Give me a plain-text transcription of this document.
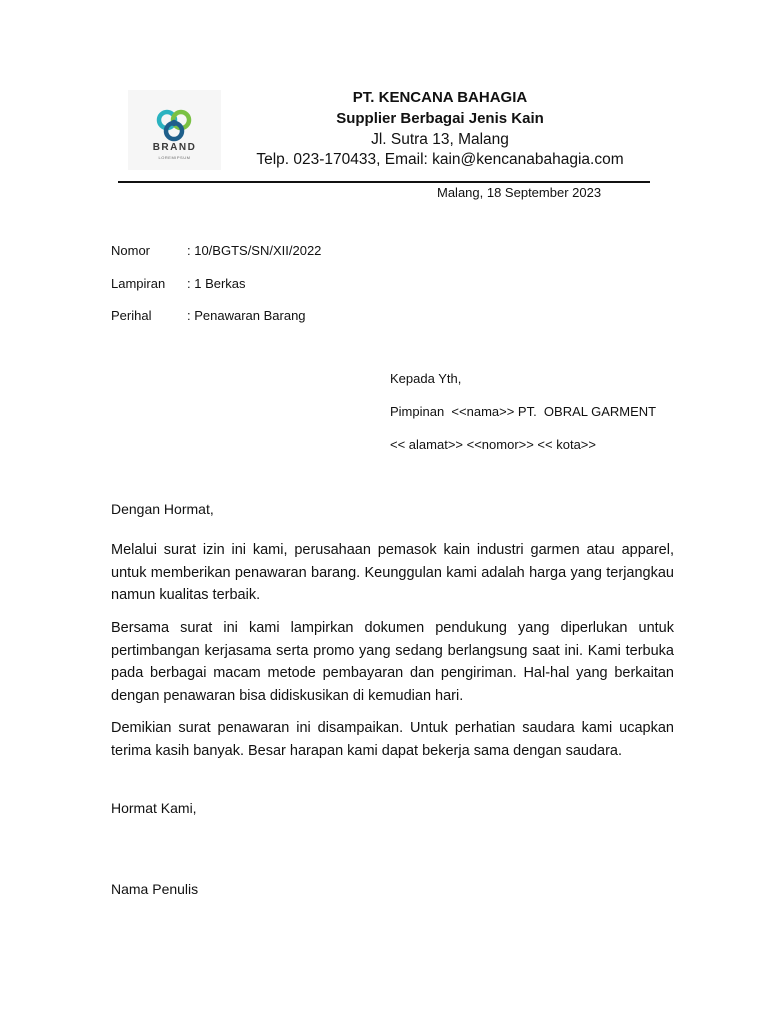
BRAND
LOREMIPSUM
PT. KENCANA BAHAGIA
Supplier Berbagai Jenis Kain
Jl. Sutra 13, Malang
Telp. 023-170433, Email: kain@kencanabahagia.com
Malang, 18 September 2023
Nomor	: 10/BGTS/SN/XII/2022
Lampiran : 1 Berkas
Perihal	: Penawaran Barang
Kepada Yth,
Pimpinan  <<nama>> PT.  OBRAL GARMENT
<< alamat>> <<nomor>> << kota>>
Dengan Hormat,
Melalui surat izin ini kami, perusahaan pemasok kain industri garmen atau apparel, untuk memberikan penawaran barang. Keunggulan kami adalah harga yang terjangkau namun kualitas terbaik.
Bersama surat ini kami lampirkan dokumen pendukung yang diperlukan untuk pertimbangan kerjasama serta promo yang sedang berlangsung saat ini. Kami terbuka pada berbagai macam metode pembayaran dan pengiriman. Hal-hal yang berkaitan dengan penawaran bisa didiskusikan di kemudian hari.
Demikian surat penawaran ini disampaikan. Untuk perhatian saudara kami ucapkan terima kasih banyak. Besar harapan kami dapat bekerja sama dengan saudara.
Hormat Kami,
Nama Penulis
